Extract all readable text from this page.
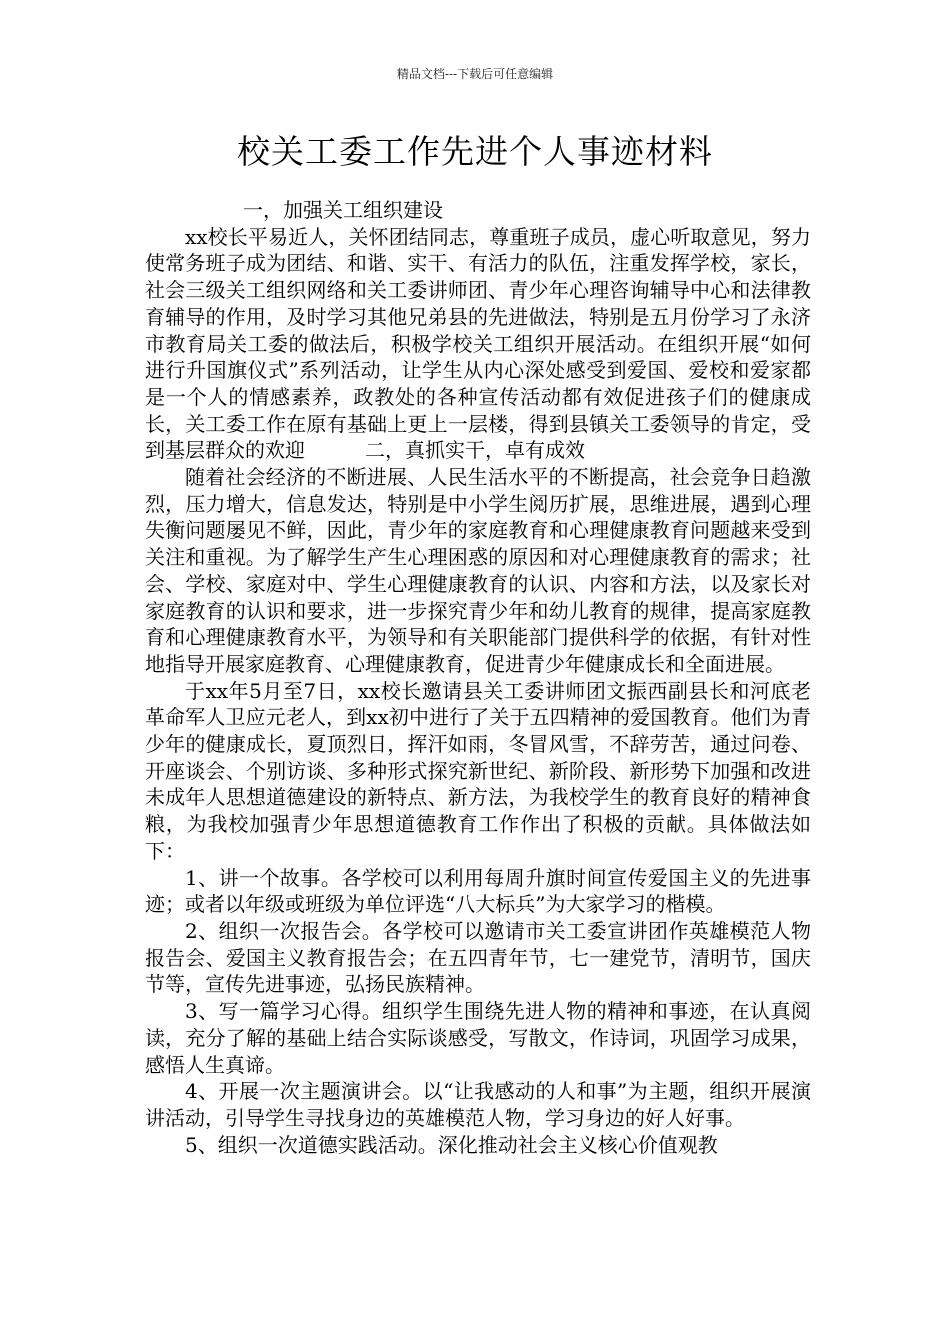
精品文档---下载后可任意编辑
校关工委工作先进个人事迹材料

一，加强关工组织建设

xx校长平易近人，关怀团结同志，尊重班子成员，虚心听取意见，努力使常务班子成为团结、和谐、实干、有活力的队伍，注重发挥学校，家长，社会三级关工组织网络和关工委讲师团、青少年心理咨询辅导中心和法律教育辅导的作用，及时学习其他兄弟县的先进做法，特别是五月份学习了永济市教育局关工委的做法后，积极学校关工组织开展活动。在组织开展“如何进行升国旗仪式”系列活动，让学生从内心深处感受到爱国、爱校和爱家都是一个人的情感素养，政教处的各种宣传活动都有效促进孩子们的健康成长，关工委工作在原有基础上更上一层楼，得到县镇关工委领导的肯定，受到基层群众的欢迎	二，真抓实干，卓有成效

随着社会经济的不断进展、人民生活水平的不断提高，社会竞争日趋激烈，压力增大，信息发达，特别是中小学生阅历扩展，思维进展，遇到心理失衡问题屡见不鲜，因此，青少年的家庭教育和心理健康教育问题越来受到关注和重视。为了解学生产生心理困惑的原因和对心理健康教育的需求；社会、学校、家庭对中、学生心理健康教育的认识、内容和方法，以及家长对家庭教育的认识和要求，进一步探究青少年和幼儿教育的规律，提高家庭教育和心理健康教育水平，为领导和有关职能部门提供科学的依据，有针对性地指导开展家庭教育、心理健康教育，促进青少年健康成长和全面进展。

于xx年5月至7日，xx校长邀请县关工委讲师团文振西副县长和河底老革命军人卫应元老人，到xx初中进行了关于五四精神的爱国教育。他们为青少年的健康成长，夏顶烈日，挥汗如雨，冬冒风雪，不辞劳苦，通过问卷、开座谈会、个别访谈、多种形式探究新世纪、新阶段、新形势下加强和改进未成年人思想道德建设的新特点、新方法，为我校学生的教育良好的精神食粮，为我校加强青少年思想道德教育工作作出了积极的贡献。具体做法如下：

1、讲一个故事。各学校可以利用每周升旗时间宣传爱国主义的先进事迹；或者以年级或班级为单位评选“八大标兵”为大家学习的楷模。

2、组织一次报告会。各学校可以邀请市关工委宣讲团作英雄模范人物报告会、爱国主义教育报告会；在五四青年节，七一建党节，清明节，国庆节等，宣传先进事迹，弘扬民族精神。

3、写一篇学习心得。组织学生围绕先进人物的精神和事迹，在认真阅读，充分了解的基础上结合实际谈感受，写散文，作诗词，巩固学习成果，感悟人生真谛。

4、开展一次主题演讲会。以“让我感动的人和事”为主题，组织开展演讲活动，引导学生寻找身边的英雄模范人物，学习身边的好人好事。

5、组织一次道德实践活动。深化推动社会主义核心价值观教
